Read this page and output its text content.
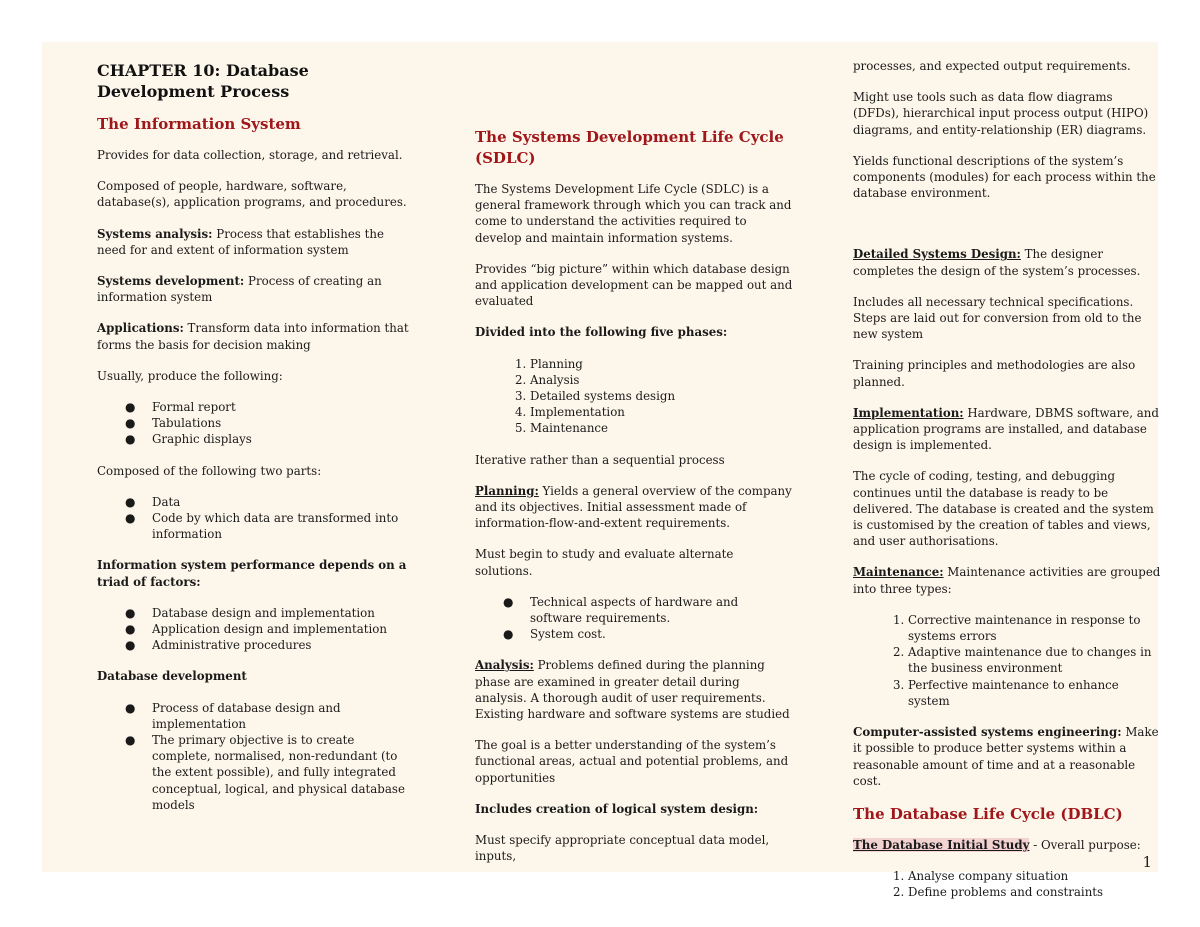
CHAPTER 10: Database Development Process
The Information System

Provides for data collection, storage, and retrieval.

Composed of people, hardware, software, database(s), application programs, and procedures.

Systems analysis: Process that establishes the need for and extent of information system

Systems development: Process of creating an information system

Applications: Transform data into information that forms the basis for decision making

Usually, produce the following:

● Formal report
● Tabulations
● Graphic displays

Composed of the following two parts:

● Data
● Code by which data are transformed into information

Information system performance depends on a triad of factors:

● Database design and implementation
● Application design and implementation
● Administrative procedures

Database development

● Process of database design and implementation
● The primary objective is to create complete, normalised, non-redundant (to the extent possible), and fully integrated conceptual, logical, and physical database models
The Systems Development Life Cycle (SDLC)

The Systems Development Life Cycle (SDLC) is a general framework through which you can track and come to understand the activities required to develop and maintain information systems.

Provides “big picture” within which database design and application development can be mapped out and evaluated

Divided into the following five phases:

1. Planning
2. Analysis
3. Detailed systems design
4. Implementation
5. Maintenance

Iterative rather than a sequential process

Planning: Yields a general overview of the company and its objectives. Initial assessment made of information-flow-and-extent requirements.

Must begin to study and evaluate alternate solutions.

● Technical aspects of hardware and software requirements.
● System cost.

Analysis: Problems defined during the planning phase are examined in greater detail during analysis. A thorough audit of user requirements. Existing hardware and software systems are studied

The goal is a better understanding of the system’s functional areas, actual and potential problems, and opportunities

Includes creation of logical system design:

Must specify appropriate conceptual data model, inputs,

processes, and expected output requirements.

Might use tools such as data flow diagrams (DFDs), hierarchical input process output (HIPO) diagrams, and entity-relationship (ER) diagrams.

Yields functional descriptions of the system’s components (modules) for each process within the database environment.

Detailed Systems Design: The designer completes the design of the system’s processes.

Includes all necessary technical specifications. Steps are laid out for conversion from old to the new system

Training principles and methodologies are also planned.

Implementation: Hardware, DBMS software, and application programs are installed, and database design is implemented.

The cycle of coding, testing, and debugging continues until the database is ready to be delivered. The database is created and the system is customised by the creation of tables and views, and user authorisations.

Maintenance: Maintenance activities are grouped into three types:

1. Corrective maintenance in response to systems errors
2. Adaptive maintenance due to changes in the business environment
3. Perfective maintenance to enhance system

Computer-assisted systems engineering: Make it possible to produce better systems within a reasonable amount of time and at a reasonable cost.

The Database Life Cycle (DBLC)

The Database Initial Study - Overall purpose:

1. Analyse company situation
2. Define problems and constraints
1
